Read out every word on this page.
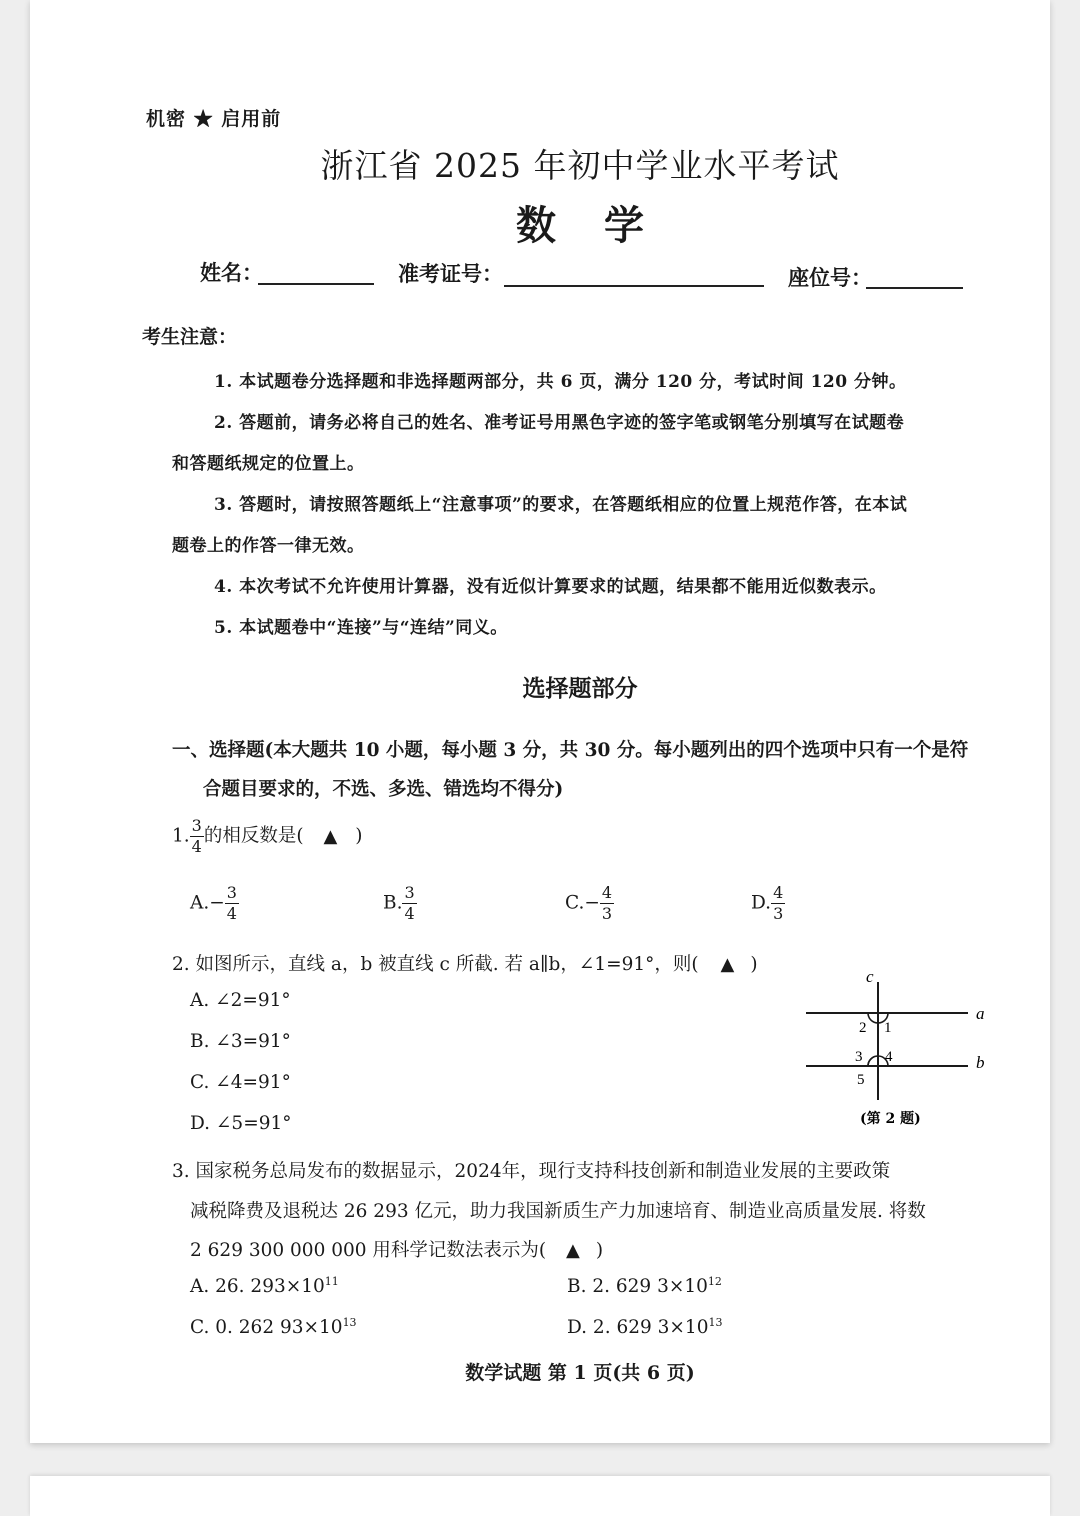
机密 ★ 启用前
浙江省 2025 年初中学业水平考试
数学
姓名：	准考证号：	座位号：
考生注意：
1. 本试题卷分选择题和非选择题两部分，共 6 页，满分 120 分，考试时间 120 分钟。
2. 答题前，请务必将自己的姓名、准考证号用黑色字迹的签字笔或钢笔分别填写在试题卷
和答题纸规定的位置上。
3. 答题时，请按照答题纸上“注意事项”的要求，在答题纸相应的位置上规范作答，在本试
题卷上的作答一律无效。
4. 本次考试不允许使用计算器，没有近似计算要求的试题，结果都不能用近似数表示。
5. 本试题卷中“连接”与“连结”同义。
选择题部分
一、选择题(本大题共 10 小题，每小题 3 分，共 30 分。每小题列出的四个选项中只有一个是符
合题目要求的，不选、多选、错选均不得分)
1. $\frac{3}{4}$ 的相反数是( ▲ )
$A.- \frac{3}{4}$	B. $\frac{3}{4}$	$C.- \frac{4}{3}$	D. $\frac{4}{3}$
2. 如图所示，直线 a，b 被直线 c 所截. 若 a∥b，∠1=91°，则( ▲ )
A. ∠2=91°
B. ∠3=91°
C. ∠4=91°
D. ∠5=91°
c
a
b
1
2
3 4
5
(第 2 题)
3. 国家税务总局发布的数据显示，2024年，现行支持科技创新和制造业发展的主要政策
减税降费及退税达 26 293 亿元，助力我国新质生产力加速培育、制造业高质量发展. 将数
2 629 300 000 000 用科学记数法表示为( ▲ )
A. 26. $293\times 10^{11}$	B. 2. 629 $3\times 10^{12}$
C. 0. 262 $93\times 10^{13}$	D. 2. 629 $3\times 10^{13}$
数学试题 第 1 页(共 6 页)
